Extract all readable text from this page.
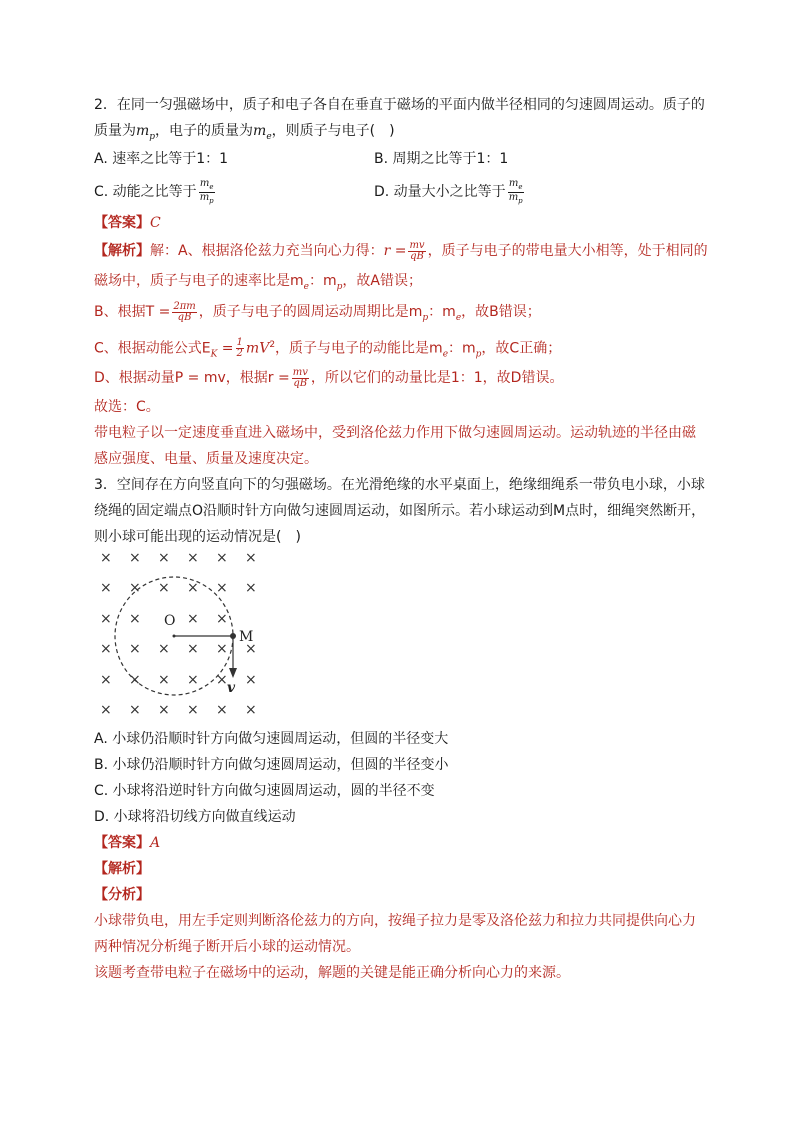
2．在同一匀强磁场中，质子和电子各自在垂直于磁场的平面内做半径相同的匀速圆周运动。质子的
质量为$m_p$，电子的质量为$m_e$，则质子与电子(　)
A. 速率之比等于1：1	B. 周期之比等于1：1
C. 动能之比等于 $\frac{m_e}{m_p}$	D. 动量大小之比等于 $\frac{m_e}{m_p}$
【答案】C
【解析】解：A、根据洛伦兹力充当向心力得：$r = \frac{mv}{qB}$ ，质子与电子的带电量大小相等，处于相同的
磁场中，质子与电子的速率比是$m_e$：$m_p$，故A错误；
B、根据$T = \frac{2\pi m}{qB}$ ，质子与电子的圆周运动周期比是$m_p$：$m_e$，故B错误；
C、根据动能公式$E_K = \frac{1}{2} mV^2$，质子与电子的动能比是$m_e$：$m_p$，故C正确；
D、根据动量P = mv，根据$r = \frac{mv}{qB}$ ，所以它们的动量比是1：1，故D错误。
故选：C。
带电粒子以一定速度垂直进入磁场中，受到洛伦兹力作用下做匀速圆周运动。运动轨迹的半径由磁
感应强度、电量、质量及速度决定。
3．空间存在方向竖直向下的匀强磁场。在光滑绝缘的水平桌面上，绝缘细绳系一带负电小球，小球
绕绳的固定端点O沿顺时针方向做匀速圆周运动，如图所示。若小球运动到M点时，细绳突然断开，
则小球可能出现的运动情况是(　)
× × × × × ×
× × × × × ×
× ×	× ×
× × × × × ×
× × × × × ×
× × × × × ×
O
M
v
A. 小球仍沿顺时针方向做匀速圆周运动，但圆的半径变大
B. 小球仍沿顺时针方向做匀速圆周运动，但圆的半径变小
C. 小球将沿逆时针方向做匀速圆周运动，圆的半径不变
D. 小球将沿切线方向做直线运动
【答案】A
【解析】
【分析】
小球带负电，用左手定则判断洛伦兹力的方向，按绳子拉力是零及洛伦兹力和拉力共同提供向心力
两种情况分析绳子断开后小球的运动情况。
该题考查带电粒子在磁场中的运动，解题的关键是能正确分析向心力的来源。
